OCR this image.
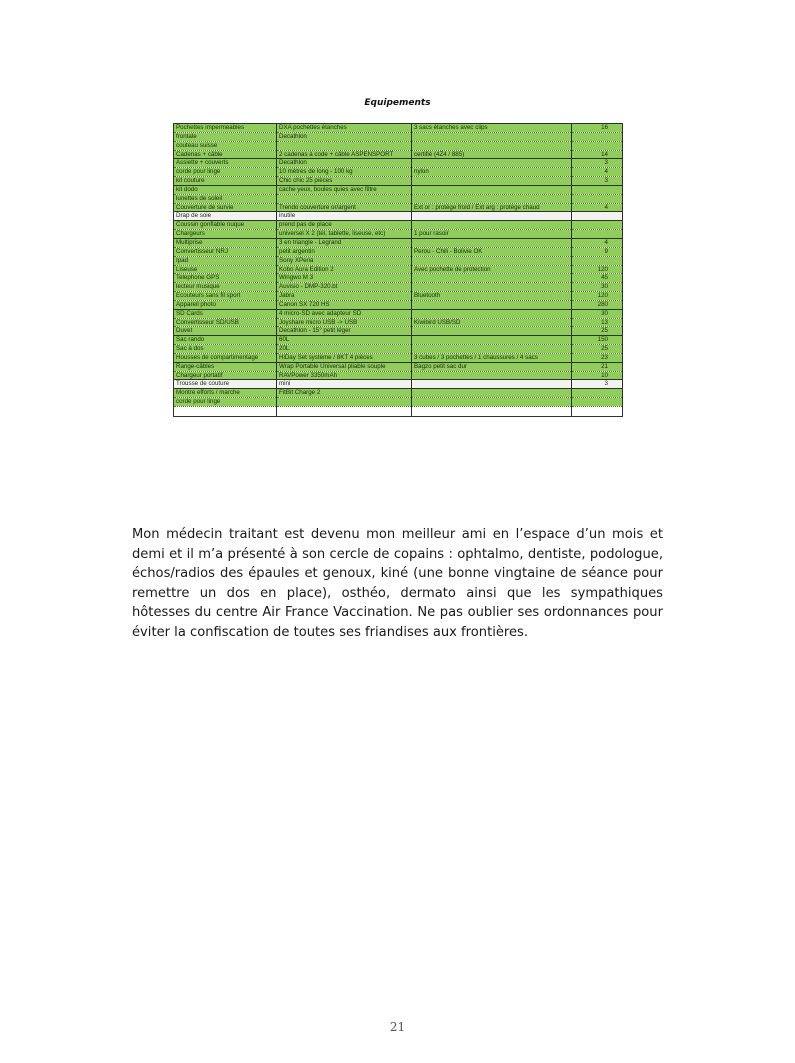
Equipements
Pochettes impermeables	DXA pochettes étanches	3 sacs étanches avec clips	16
frontale	Decathlon		
couteau suisse			
Cadenas + câble	2 cadenas à code + câble ASPENSPORT	certifié (4Z4 / 885)	14
Assiette + couverts	Decathlon		3
corde pour linge	10 mètres de long - 100 kg	nylon	4
kit couture	Chic chic 25 pièces		3
kit dodo	cache yeux, boules quies avec filtre		
lunettes de soleil			
Couverture de survie	Trendo couverture or/argent	Ext or : protège froid / Ext arg : protège chaud	4
Drap de soie	inutile		
Coussin gonflable nuque	prend pas de place		
Chargeurs	universel X 2 (tél, tablette, liseuse, etc)	1 pour rasoir	
Multiprise	3 en triangle - Legrand		4
Convertisseur NRJ	petit argentin	Perou - Chili - Bolivie OK	9
Ipad	Sony XPeria		
Liseuse	Kobo Aura Edition 2	Avec pochette de protection	120
Telephone GPS	Wingwo M 3		45
lecteur musique	Auvisio - DMP-320.bt		30
Ecouteurs sans fil sport	Jabra	Bluetooth	120
Appareil photo	Canon SX 720 HS		280
SD Cards	4 micro-SD avec adapteur SD		30
Convertisseur SD/USB	Joyshare micro USB -> USB	Kiwibird USB/SD	13
Duvet	Decathlon - 15° petit léger		25
Sac rando	60L		150
Sac à dos	20L		25
Housses de compartimentage	HiDay Set système / 8KT 4 pièces	3 cubes / 3 pochettes / 1 chaussures / 4 sacs	23
Range-câbles	Wrap Portable Universal pliable souple	Bagzo petit sac dur	21
Chargeur portatif	RAVPower 3350mAh		10
Trousse de couture	mini		3
Montre efforts / marche	FitBit Charge 2		
corde pour linge			

Mon médecin traitant est devenu mon meilleur ami en l’espace d’un mois et demi et il m’a présenté à son cercle de copains : ophtalmo, dentiste, podologue, échos/radios des épaules et genoux, kiné (une bonne vingtaine de séance pour remettre un dos en place), osthéo, dermato ainsi que les sympathiques hôtesses du centre Air France Vaccination. Ne pas oublier ses ordonnances pour éviter la confiscation de toutes ses friandises aux frontières.

21
